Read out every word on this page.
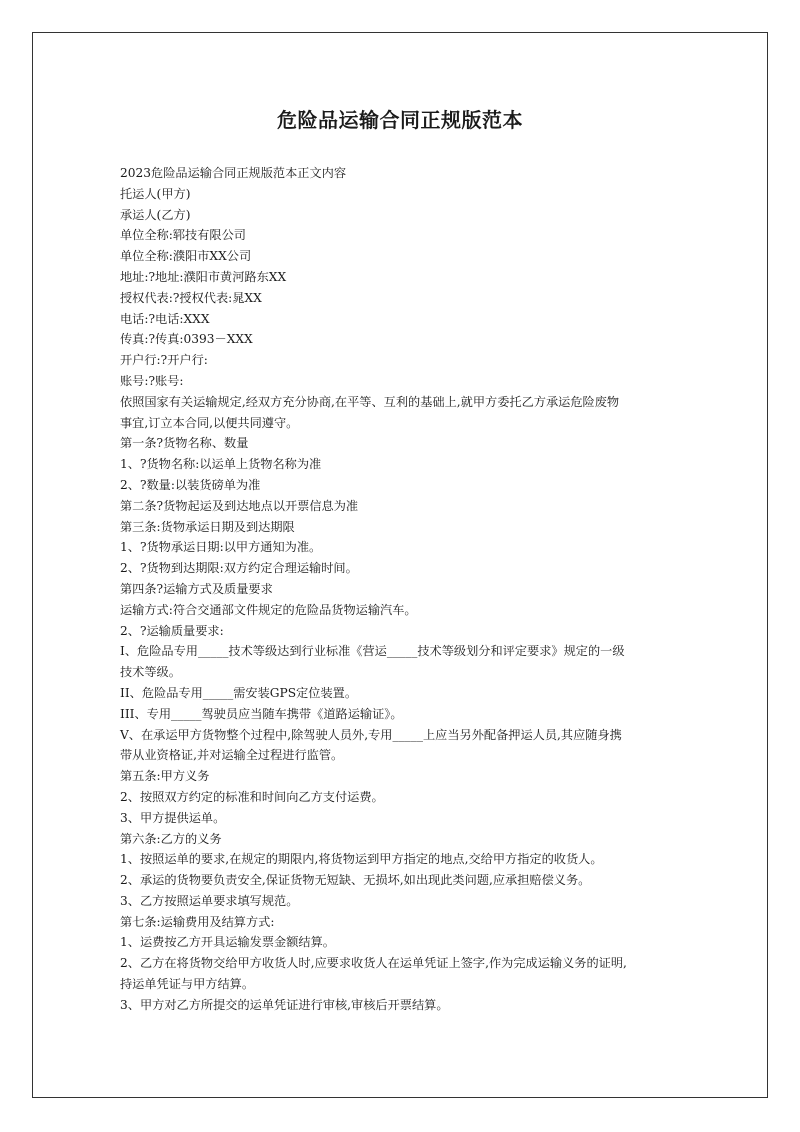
危险品运输合同正规版范本
2023危险品运输合同正规版范本正文内容
托运人(甲方)
承运人(乙方)
单位全称:郓技有限公司
单位全称:濮阳市XX公司
地址:?地址:濮阳市黄河路东XX
授权代表:?授权代表:晁XX
电话:?电话:XXX
传真:?传真:0393－XXX
开户行:?开户行:
账号:?账号:
依照国家有关运输规定,经双方充分协商,在平等、互利的基础上,就甲方委托乙方承运危险废物
事宜,订立本合同,以便共同遵守。
第一条?货物名称、数量
1、?货物名称:以运单上货物名称为准
2、?数量:以装货磅单为准
第二条?货物起运及到达地点以开票信息为准
第三条:货物承运日期及到达期限
1、?货物承运日期:以甲方通知为准。
2、?货物到达期限:双方约定合理运输时间。
第四条?运输方式及质量要求
运输方式:符合交通部文件规定的危险品货物运输汽车。
2、?运输质量要求:
I、危险品专用_____技术等级达到行业标准《营运_____技术等级划分和评定要求》规定的一级
技术等级。
II、危险品专用_____需安装GPS定位装置。
III、专用_____驾驶员应当随车携带《道路运输证》。
V、在承运甲方货物整个过程中,除驾驶人员外,专用_____上应当另外配备押运人员,其应随身携
带从业资格证,并对运输全过程进行监管。
第五条:甲方义务
2、按照双方约定的标准和时间向乙方支付运费。
3、甲方提供运单。
第六条:乙方的义务
1、按照运单的要求,在规定的期限内,将货物运到甲方指定的地点,交给甲方指定的收货人。
2、承运的货物要负责安全,保证货物无短缺、无损坏,如出现此类问题,应承担赔偿义务。
3、乙方按照运单要求填写规范。
第七条:运输费用及结算方式:
1、运费按乙方开具运输发票金额结算。
2、乙方在将货物交给甲方收货人时,应要求收货人在运单凭证上签字,作为完成运输义务的证明,
持运单凭证与甲方结算。
3、甲方对乙方所提交的运单凭证进行审核,审核后开票结算。
